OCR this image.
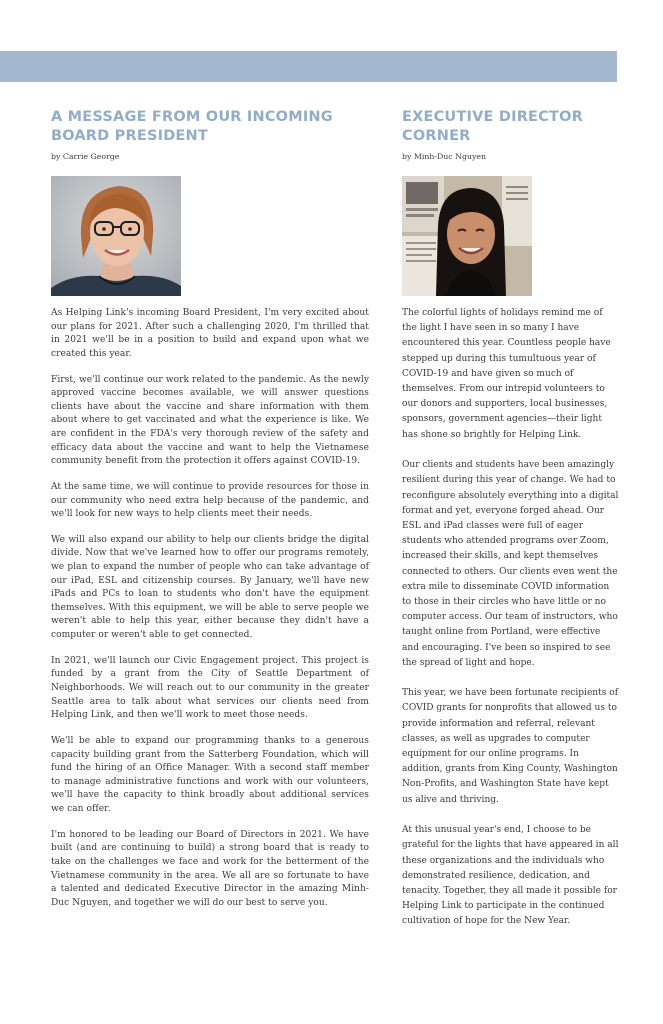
A MESSAGE FROM OUR INCOMING
BOARD PRESIDENT
by Carrie George

As Helping Link's incoming Board President, I'm very excited about our plans for 2021. After such a challenging 2020, I'm thrilled that in 2021 we'll be in a position to build and expand upon what we created this year.

First, we'll continue our work related to the pandemic. As the newly approved vaccine becomes available, we will answer questions clients have about the vaccine and share information with them about where to get vaccinated and what the experience is like. We are confident in the FDA's very thorough review of the safety and efficacy data about the vaccine and want to help the Vietnamese community benefit from the protection it offers against COVID-19.

At the same time, we will continue to provide resources for those in our community who need extra help because of the pandemic, and we'll look for new ways to help clients meet their needs.

We will also expand our ability to help our clients bridge the digital divide. Now that we've learned how to offer our programs remotely, we plan to expand the number of people who can take advantage of our iPad, ESL and citizenship courses. By January, we'll have new iPads and PCs to loan to students who don't have the equipment themselves. With this equipment, we will be able to serve people we weren't able to help this year, either because they didn't have a computer or weren't able to get connected.

In 2021, we'll launch our Civic Engagement project. This project is funded by a grant from the City of Seattle Department of Neighborhoods. We will reach out to our community in the greater Seattle area to talk about what services our clients need from Helping Link, and then we'll work to meet those needs.

We'll be able to expand our programming thanks to a generous capacity building grant from the Satterberg Foundation, which will fund the hiring of an Office Manager. With a second staff member to manage administrative functions and work with our volunteers, we'll have the capacity to think broadly about additional services we can offer.

I'm honored to be leading our Board of Directors in 2021. We have built (and are continuing to build) a strong board that is ready to take on the challenges we face and work for the betterment of the Vietnamese community in the area. We all are so fortunate to have a talented and dedicated Executive Director in the amazing Minh-Duc Nguyen, and together we will do our best to serve you.

EXECUTIVE DIRECTOR
CORNER
by Minh-Duc Nguyen

The colorful lights of holidays remind me of the light I have seen in so many I have encountered this year. Countless people have stepped up during this tumultuous year of COVID-19 and have given so much of themselves. From our intrepid volunteers to our donors and supporters, local businesses, sponsors, government agencies—their light has shone so brightly for Helping Link.

Our clients and students have been amazingly resilient during this year of change. We had to reconfigure absolutely everything into a digital format and yet, everyone forged ahead. Our ESL and iPad classes were full of eager students who attended programs over Zoom, increased their skills, and kept themselves connected to others. Our clients even went the extra mile to disseminate COVID information to those in their circles who have little or no computer access. Our team of instructors, who taught online from Portland, were effective and encouraging. I've been so inspired to see the spread of light and hope.

This year, we have been fortunate recipients of COVID grants for nonprofits that allowed us to provide information and referral, relevant classes, as well as upgrades to computer equipment for our online programs. In addition, grants from King County, Washington Non-Profits, and Washington State have kept us alive and thriving.

At this unusual year's end, I choose to be grateful for the lights that have appeared in all these organizations and the individuals who demonstrated resilience, dedication, and tenacity. Together, they all made it possible for Helping Link to participate in the continued cultivation of hope for the New Year.
